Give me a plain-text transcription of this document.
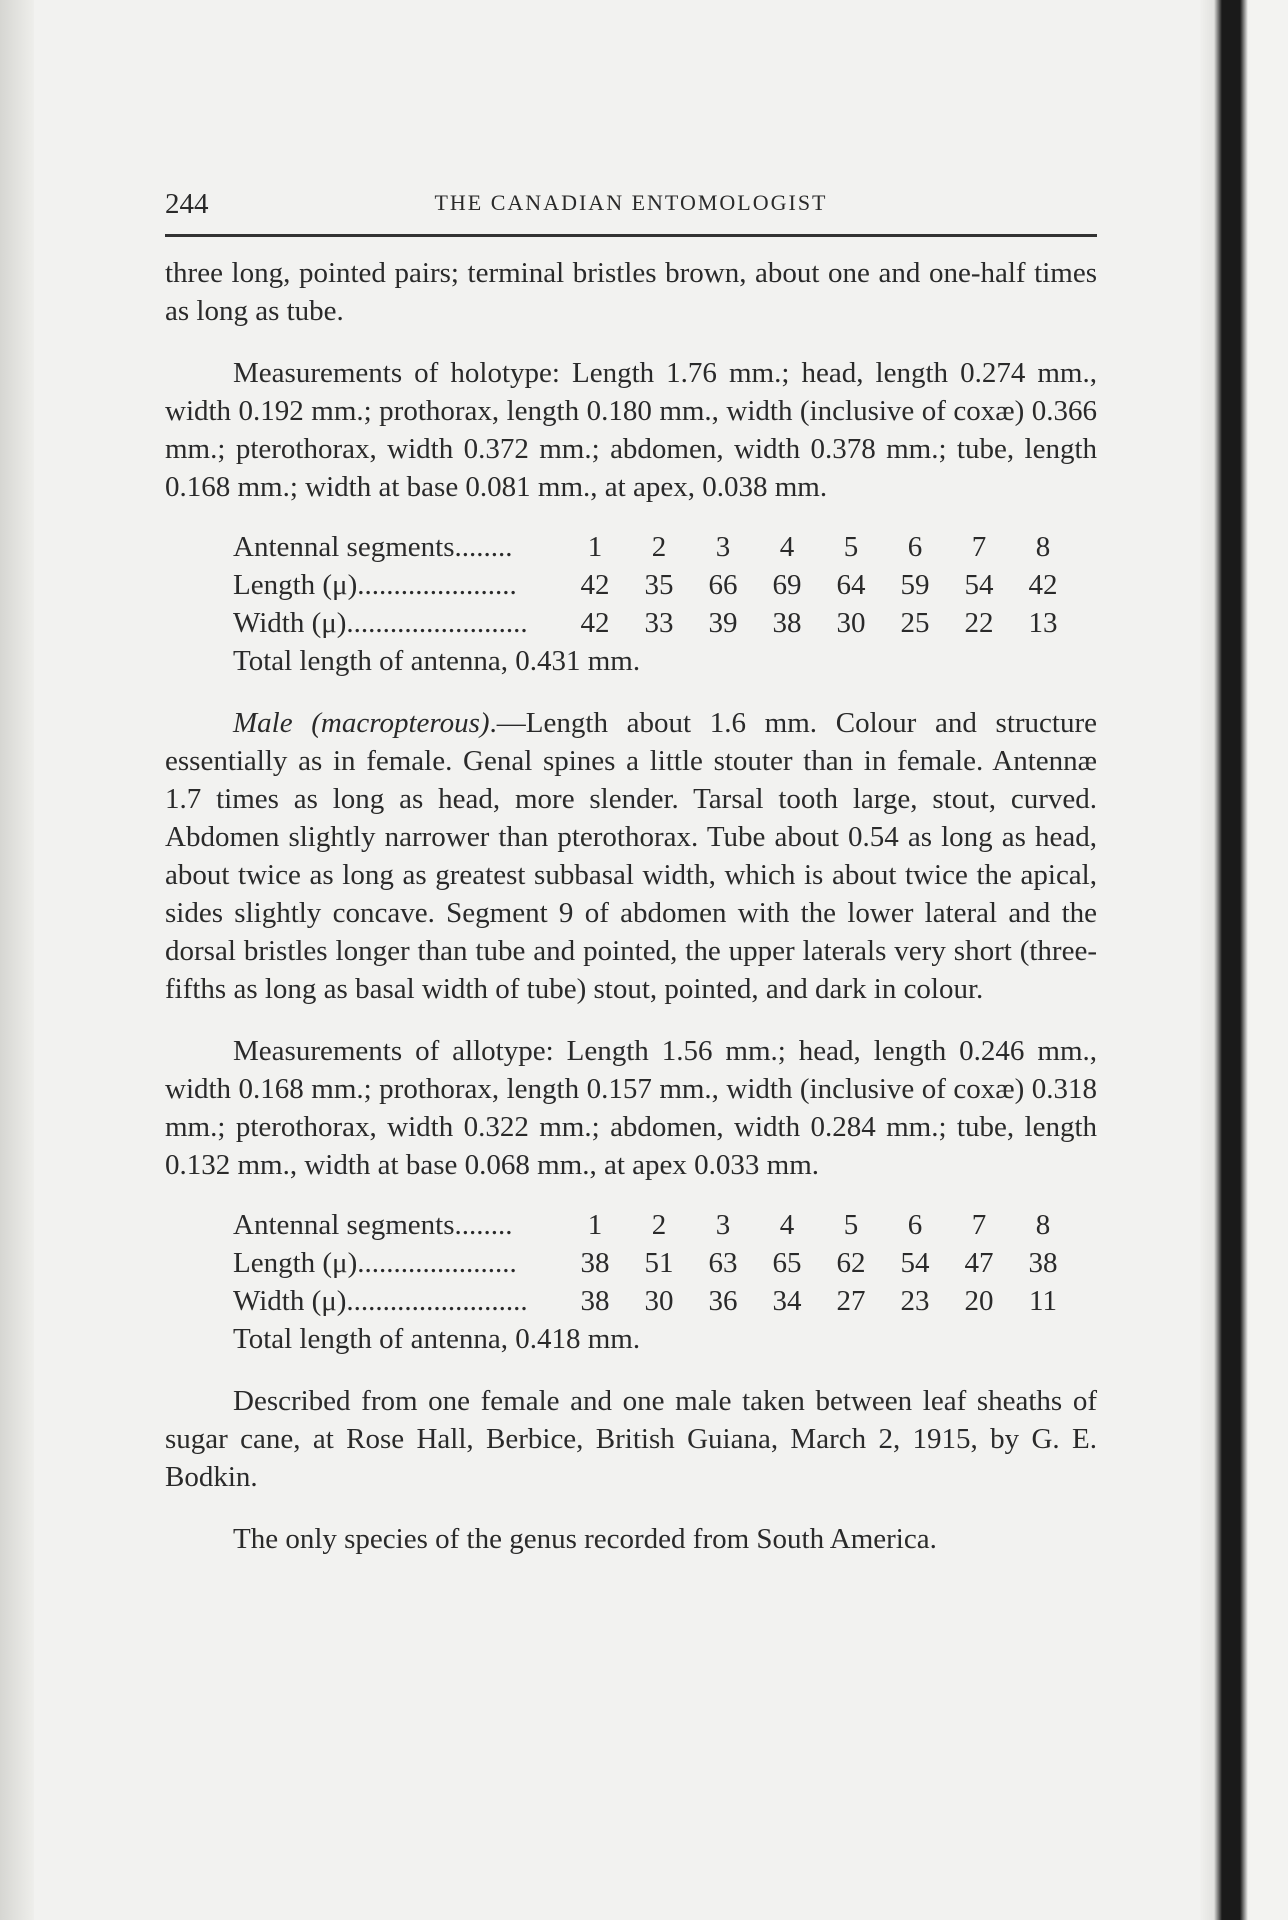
244	THE CANADIAN ENTOMOLOGIST

three long, pointed pairs; terminal bristles brown, about one and one-half times as long as tube.

Measurements of holotype: Length 1.76 mm.; head, length 0.274 mm., width 0.192 mm.; prothorax, length 0.180 mm., width (inclusive of coxæ) 0.366 mm.; pterothorax, width 0.372 mm.; abdomen, width 0.378 mm.; tube, length 0.168 mm.; width at base 0.081 mm., at apex, 0.038 mm.

Antennal segments........	1	2	3	4	5	6	7	8
Length (μ)......................	42	35	66	69	64	59	54	42
Width (μ).........................	42	33	39	38	30	25	22	13

Total length of antenna, 0.431 mm.

Male (macropterous).—Length about 1.6 mm. Colour and structure essentially as in female. Genal spines a little stouter than in female. Antennæ 1.7 times as long as head, more slender. Tarsal tooth large, stout, curved. Abdomen slightly narrower than pterothorax. Tube about 0.54 as long as head, about twice as long as greatest subbasal width, which is about twice the apical, sides slightly concave. Segment 9 of abdomen with the lower lateral and the dorsal bristles longer than tube and pointed, the upper laterals very short (three-fifths as long as basal width of tube) stout, pointed, and dark in colour.

Measurements of allotype: Length 1.56 mm.; head, length 0.246 mm., width 0.168 mm.; prothorax, length 0.157 mm., width (inclusive of coxæ) 0.318 mm.; pterothorax, width 0.322 mm.; abdomen, width 0.284 mm.; tube, length 0.132 mm., width at base 0.068 mm., at apex 0.033 mm.

Antennal segments........	1	2	3	4	5	6	7	8
Length (μ)......................	38	51	63	65	62	54	47	38
Width (μ).........................	38	30	36	34	27	23	20	11

Total length of antenna, 0.418 mm.

Described from one female and one male taken between leaf sheaths of sugar cane, at Rose Hall, Berbice, British Guiana, March 2, 1915, by G. E. Bodkin.

The only species of the genus recorded from South America.
